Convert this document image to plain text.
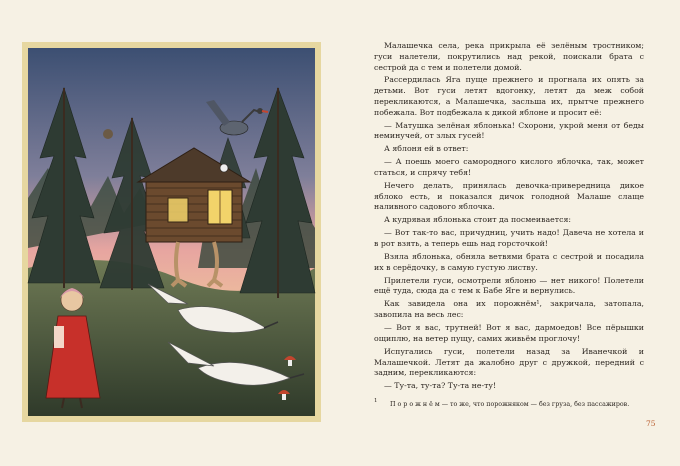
Малашечка села, река прикрыла её зелёным тростником; гуси налетели, покрутились над рекой, поискали брата с сестрой да с тем и полетели домой.

Рассердилась Яга пуще прежнего и прогнала их опять за детьми. Вот гуси летят вдогонку, летят да меж собой перекликаются, а Малашечка, засльша их, прытче прежнего побежала. Вот подбежала к дикой яблоне и просит её:

— Матушка зелёная яблонька! Схорони, укрой меня от беды неминучей, от злых гусей!

А яблоня ей в ответ:

— А поешь моего самородного кислого яблочка, так, может статься, и спрячу тебя!

Нечего делать, принялась девочка-привередница дикое яблоко есть, и показался дичок голодной Малаше слаще наливного садового яблочка.

А кудрявая яблонька стоит да посмеивается:

— Вот так-то вас, причудниц, учить надо! Давеча не хотела и в рот взять, а теперь ешь над горсточкой!

Взяла яблонька, обняла ветвями брата с сестрой и посадила их в серёдочку, в самую густую листву.

Прилетели гуси, осмотрели яблоню — нет никого! Полетели ещё туда, сюда да с тем к Бабе Яге и вернулись.

Как завидела она их порожнём¹, закричала, затопала, завопила на весь лес:

— Вот я вас, трутней! Вот я вас, дармоедов! Все пёрышки ощиплю, на ветер пущу, самих живьём проглочу!

Испугались гуси, полетели назад за Иванечкой и Малашечкой. Летят да жалобно друг с дружкой, передний с задним, перекликаются:

— Ту-та, ту-та? Ту-та не-ту!

1 П о р о ж н ё м — то же, что порожняком — без груза, без пассажиров.
75
